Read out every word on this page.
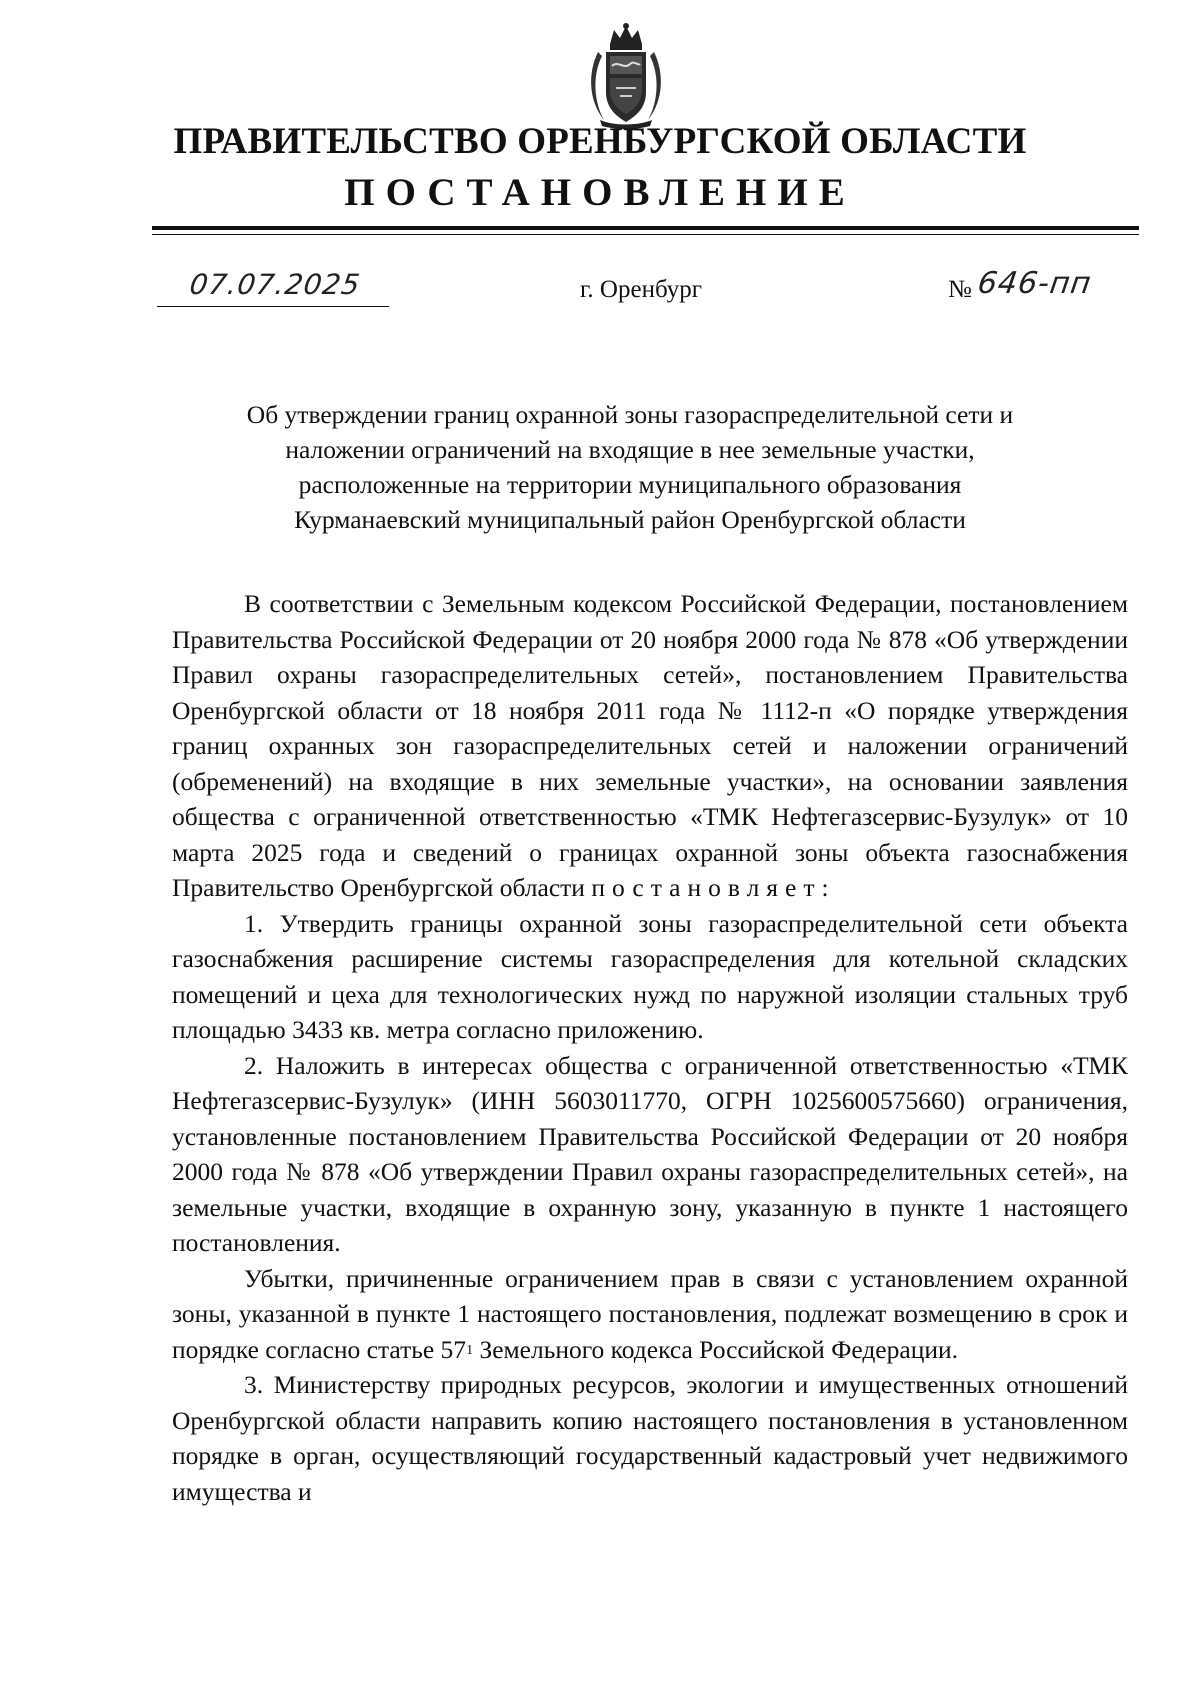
ПРАВИТЕЛЬСТВО ОРЕНБУРГСКОЙ ОБЛАСТИ
ПОСТАНОВЛЕНИЕ
07.07.2025	г. Оренбург	№ 646-пп
Об утверждении границ охранной зоны газораспределительной сети и
наложении ограничений на входящие в нее земельные участки,
расположенные на территории муниципального образования
Курманаевский муниципальный район Оренбургской области

В соответствии с Земельным кодексом Российской Федерации, постановлением Правительства Российской Федерации от 20 ноября 2000 года № 878 «Об утверждении Правил охраны газораспределительных сетей», постановлением Правительства Оренбургской области от 18 ноября 2011 года № 1112-п «О порядке утверждения границ охранных зон газораспределительных сетей и наложении ограничений (обременений) на входящие в них земельные участки», на основании заявления общества с ограниченной ответственностью «ТМК Нефтегазсервис-Бузулук» от 10 марта 2025 года и сведений о границах охранной зоны объекта газоснабжения Правительство Оренбургской области постановляет:

1. Утвердить границы охранной зоны газораспределительной сети объекта газоснабжения расширение системы газораспределения для котельной складских помещений и цеха для технологических нужд по наружной изоляции стальных труб площадью 3433 кв. метра согласно приложению.

2. Наложить в интересах общества с ограниченной ответственностью «ТМК Нефтегазсервис-Бузулук» (ИНН 5603011770, ОГРН 1025600575660) ограничения, установленные постановлением Правительства Российской Федерации от 20 ноября 2000 года № 878 «Об утверждении Правил охраны газораспределительных сетей», на земельные участки, входящие в охранную зону, указанную в пункте 1 настоящего постановления.

Убытки, причиненные ограничением прав в связи с установлением охранной зоны, указанной в пункте 1 настоящего постановления, подлежат возмещению в срок и порядке согласно статье $57^1$ Земельного кодекса Российской Федерации.

3. Министерству природных ресурсов, экологии и имущественных отношений Оренбургской области направить копию настоящего постановления в установленном порядке в орган, осуществляющий государственный кадастровый учет недвижимого имущества и
